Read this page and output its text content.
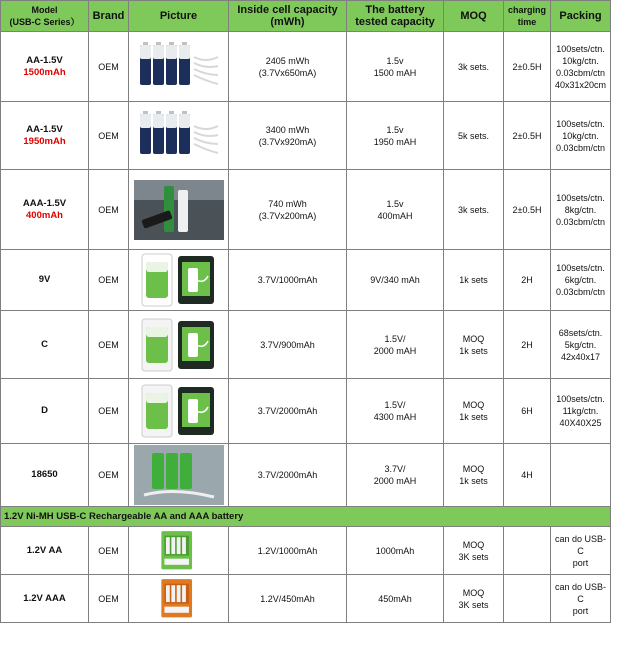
Model
(USB-C Series）	Brand	Picture	Inside cell capacity
(mWh)	The battery
tested capacity	MOQ	charging
time	Packing

AA-1.5V
1500mAh	OEM		2405 mWh
(3.7Vx650mA)	1.5v
1500 mAH	3k sets.	2±0.5H	100sets/ctn.
10kg/ctn.
0.03cbm/ctn
40x31x20cm

AA-1.5V
1950mAh	OEM		3400 mWh
(3.7Vx920mA)	1.5v
1950 mAH	5k sets.	2±0.5H	100sets/ctn.
10kg/ctn.
0.03cbm/ctn

AAA-1.5V
400mAh	OEM		740 mWh
(3.7Vx200mA)	1.5v
400mAH	3k sets.	2±0.5H	100sets/ctn.
8kg/ctn.
0.03cbm/ctn

9V	OEM		3.7V/1000mAh	9V/340 mAh	1k sets	2H	100sets/ctn.
6kg/ctn.
0.03cbm/ctn

C	OEM		3.7V/900mAh	1.5V/
2000 mAH	MOQ
1k sets	2H	68sets/ctn.
5kg/ctn.
42x40x17

D	OEM		3.7V/2000mAh	1.5V/
4300 mAH	MOQ
1k sets	6H	100sets/ctn.
11kg/ctn.
40X40X25

18650	OEM		3.7V/2000mAh	3.7V/
2000 mAH	MOQ
1k sets	4H	
1.2V Ni-MH USB-C Rechargeable AA and AAA battery							
1.2V AA	OEM		1.2V/1000mAh	1000mAh	MOQ
3K sets		can do USB-C
port

1.2V AAA	OEM		1.2V/450mAh	450mAh	MOQ
3K sets		can do USB-C
port
